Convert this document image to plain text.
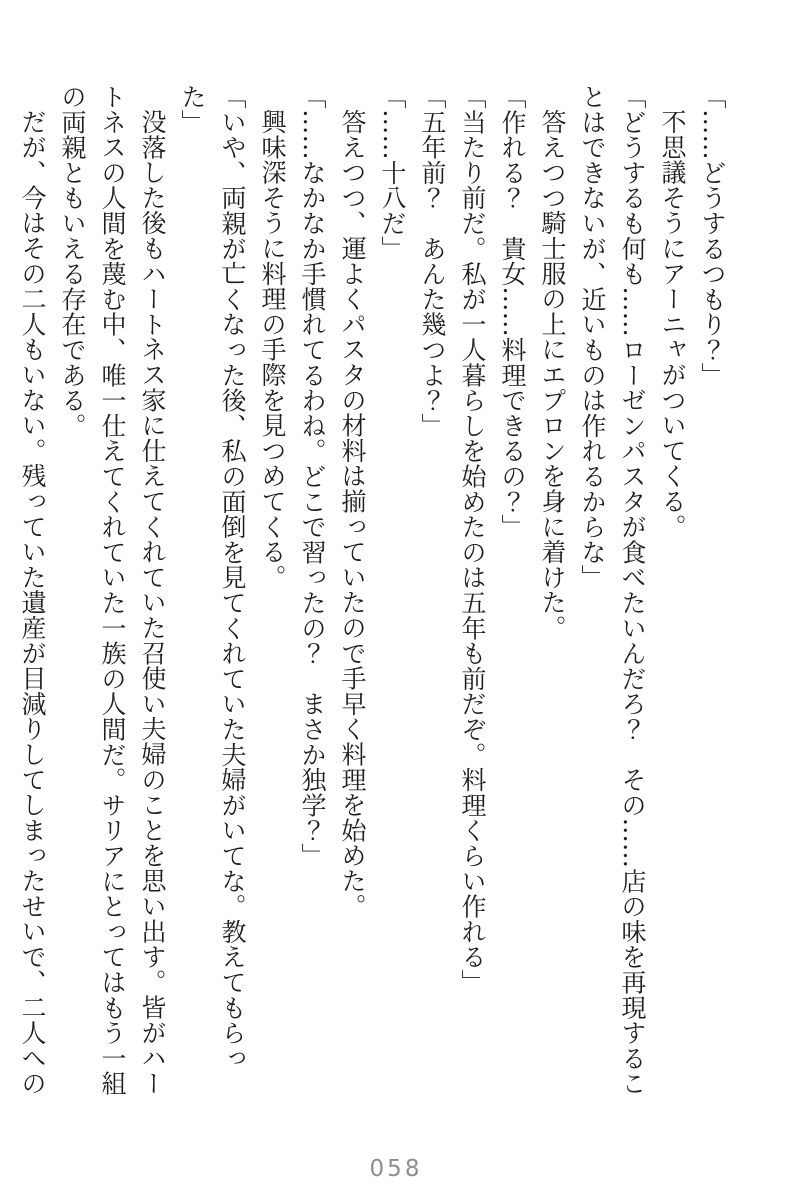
「……どうするつもり？」

不思議そうにアーニャがついてくる。

「どうするも何も……ローゼンパスタが食べたいんだろ？　その……店の味を再現することはできないが、近いものは作れるからな」

答えつつ騎士服の上にエプロンを身に着けた。

「作れる？　貴女……料理できるの？」

「当たり前だ。私が一人暮らしを始めたのは五年も前だぞ。料理くらい作れる」

「五年前？　あんた幾つよ？」

「……十八だ」

答えつつ、運よくパスタの材料は揃っていたので手早く料理を始めた。

「……なかなか手慣れてるわね。どこで習ったの？　まさか独学？」

興味深そうに料理の手際を見つめてくる。

「いや、両親が亡くなった後、私の面倒を見てくれていた夫婦がいてな。教えてもらった」

没落した後もハートネス家に仕えてくれていた召使い夫婦のことを思い出す。皆がハートネスの人間を蔑む中、唯一仕えてくれていた一族の人間だ。サリアにとってはもう一組の両親ともいえる存在である。

だが、今はその二人もいない。残っていた遺産が目減りしてしまったせいで、二人への

058
